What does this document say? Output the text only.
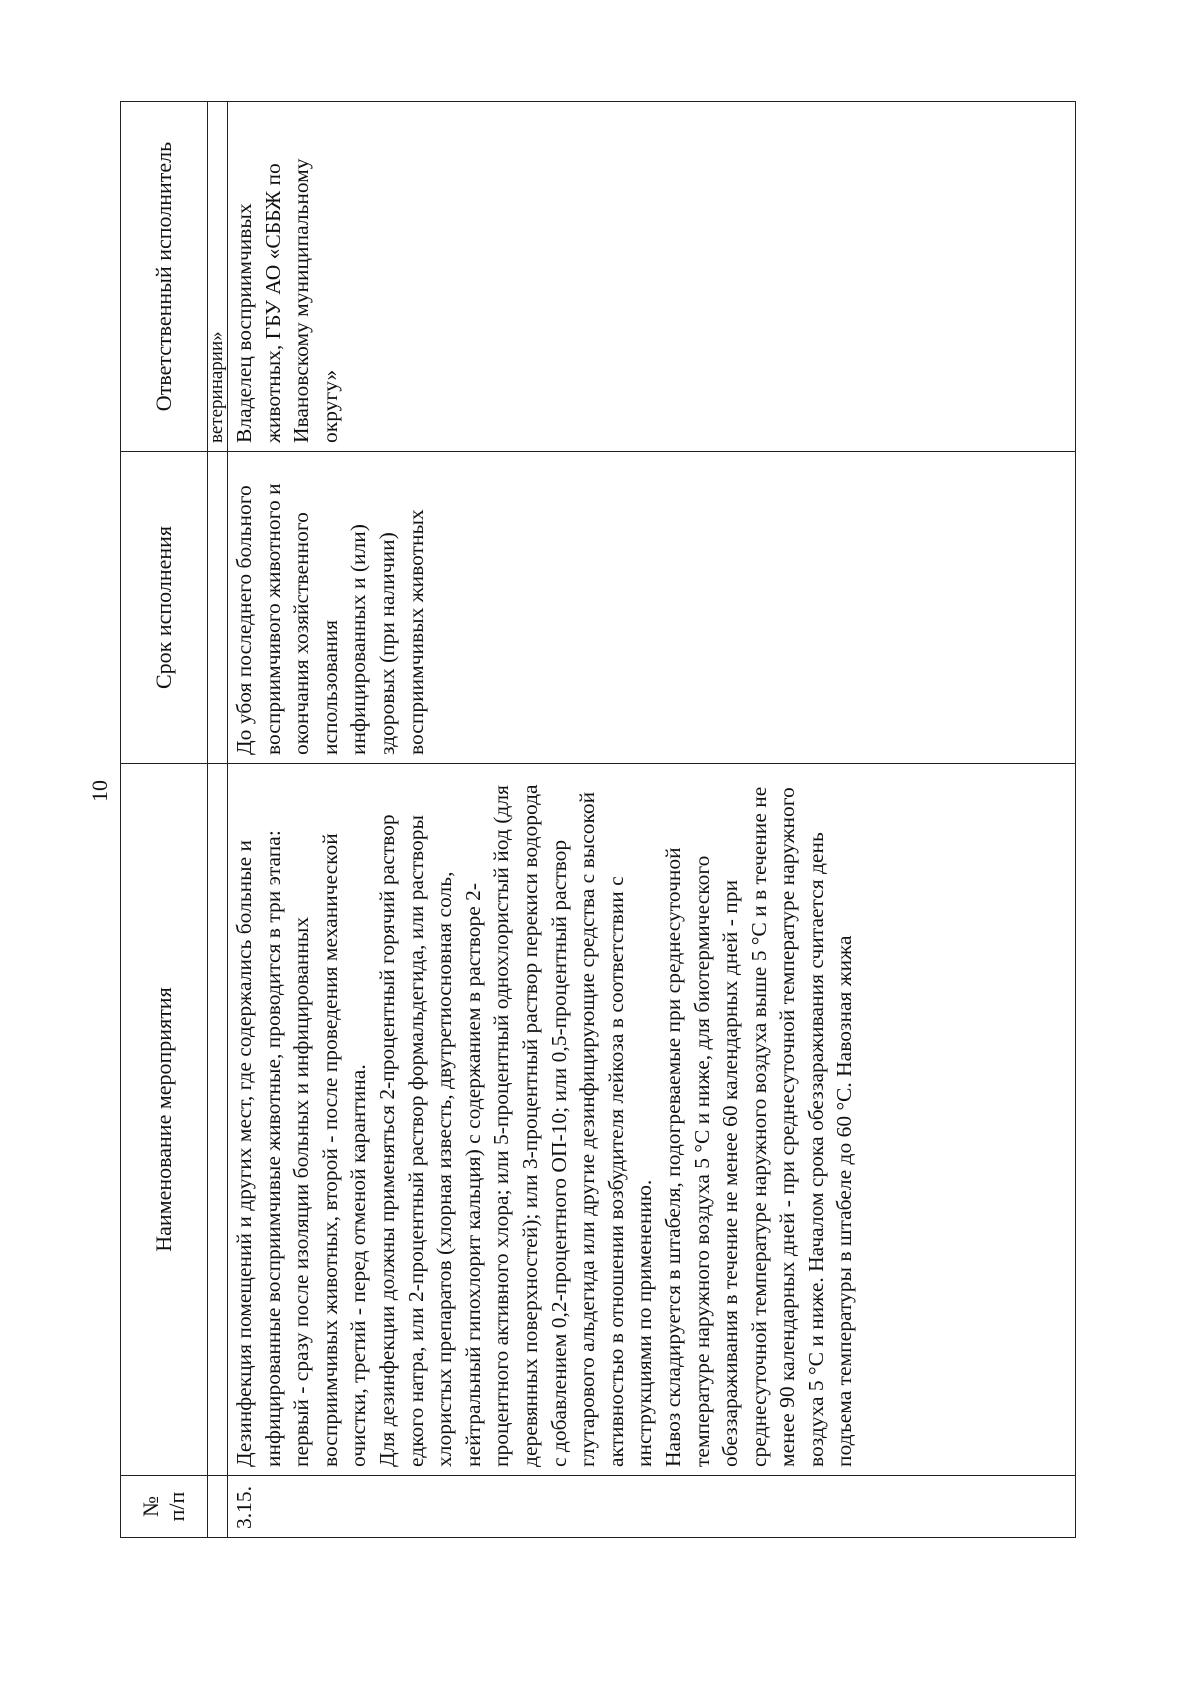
10
№
п/п	Наименование мероприятия	Срок исполнения	Ответственный исполнитель
			ветеринарии»
3.15.	Дезинфекция помещений и других мест, где содержались больные и инфицированные восприимчивые животные, проводится в три этапа: первый - сразу после изоляции больных и инфицированных восприимчивых животных, второй - после проведения механической очистки, третий - перед отменой карантина. Для дезинфекции должны применяться 2-процентный горячий раствор едкого натра, или 2-процентный раствор формальдегида, или растворы хлористых препаратов (хлорная известь, двутретиосновная соль, нейтральный гипохлорит кальция) с содержанием в растворе 2-процентного активного хлора; или 5-процентный однохлористый йод (для деревянных поверхностей); или 3-процентный раствор перекиси водорода с добавлением 0,2-процентного ОП-10; или 0,5-процентный раствор глутарового альдегида или другие дезинфицирующие средства с высокой активностью в отношении возбудителя лейкоза в соответствии с инструкциями по применению. Навоз складируется в штабеля, подогреваемые при среднесуточной температуре наружного воздуха 5 °С и ниже, для биотермического обеззараживания в течение не менее 60 календарных дней - при среднесуточной температуре наружного воздуха выше 5 °С и в течение не менее 90 календарных дней - при среднесуточной температуре наружного воздуха 5 °С и ниже. Началом срока обеззараживания считается день подъема температуры в штабеле до 60 °С. Навозная жижа	До убоя последнего больного восприимчивого животного и окончания хозяйственного использования инфицированных и (или) здоровых (при наличии) восприимчивых животных	Владелец восприимчивых животных, ГБУ АО «СББЖ по Ивановскому муниципальному округу»
